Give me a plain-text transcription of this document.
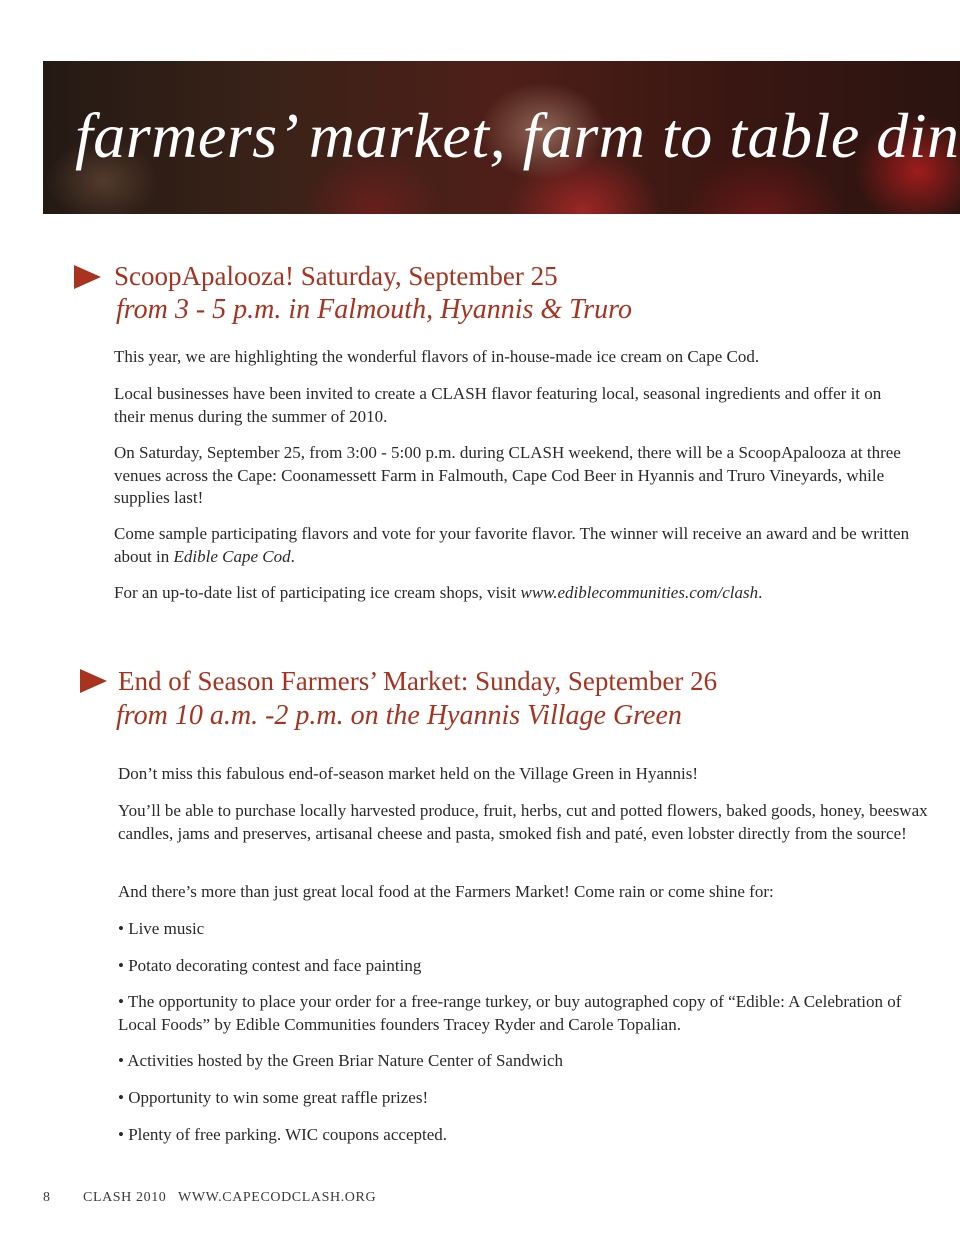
farmers’ market, farm to table din
ScoopApalooza! Saturday, September 25
from 3 - 5 p.m. in Falmouth, Hyannis & Truro
This year, we are highlighting the wonderful flavors of in-house-made ice cream on Cape Cod.
Local businesses have been invited to create a CLASH flavor featuring local, seasonal ingredients and offer it on their menus during the summer of 2010.
On Saturday, September 25, from 3:00 - 5:00 p.m. during CLASH weekend, there will be a ScoopApalooza at three venues across the Cape: Coonamessett Farm in Falmouth, Cape Cod Beer in Hyannis and Truro Vineyards, while supplies last!
Come sample participating flavors and vote for your favorite flavor. The winner will receive an award and be written about in Edible Cape Cod.
For an up-to-date list of participating ice cream shops, visit www.ediblecommunities.com/clash.
End of Season Farmers’ Market: Sunday, September 26
from 10 a.m. -2 p.m. on the Hyannis Village Green
Don’t miss this fabulous end-of-season market held on the Village Green in Hyannis!
You’ll be able to purchase locally harvested produce, fruit, herbs, cut and potted flowers, baked goods, honey, beeswax candles, jams and preserves, artisanal cheese and pasta, smoked fish and paté, even lobster directly from the source!
And there’s more than just great local food at the Farmers Market! Come rain or come shine for:
• Live music
• Potato decorating contest and face painting
• The opportunity to place your order for a free-range turkey, or buy autographed copy of “Edible: A Celebration of Local Foods” by Edible Communities founders Tracey Ryder and Carole Topalian.
• Activities hosted by the Green Briar Nature Center of Sandwich
• Opportunity to win some great raffle prizes!
• Plenty of free parking. WIC coupons accepted.
8 CLASH 2010 WWW.CAPECODCLASH.ORG
